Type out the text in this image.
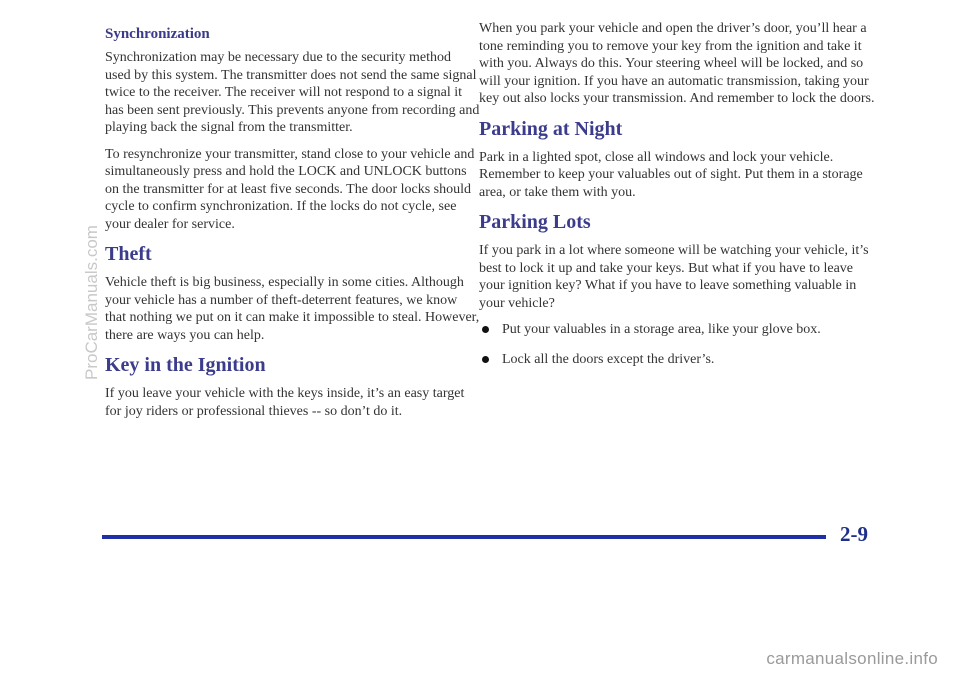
Synchronization

Synchronization may be necessary due to the security method used by this system. The transmitter does not send the same signal twice to the receiver. The receiver will not respond to a signal it has been sent previously. This prevents anyone from recording and playing back the signal from the transmitter.

To resynchronize your transmitter, stand close to your vehicle and simultaneously press and hold the LOCK and UNLOCK buttons on the transmitter for at least five seconds. The door locks should cycle to confirm synchronization. If the locks do not cycle, see your dealer for service.

Theft

Vehicle theft is big business, especially in some cities. Although your vehicle has a number of theft-deterrent features, we know that nothing we put on it can make it impossible to steal. However, there are ways you can help.

Key in the Ignition

If you leave your vehicle with the keys inside, it’s an easy target for joy riders or professional thieves -- so don’t do it.

When you park your vehicle and open the driver’s door, you’ll hear a tone reminding you to remove your key from the ignition and take it with you. Always do this. Your steering wheel will be locked, and so will your ignition. If you have an automatic transmission, taking your key out also locks your transmission. And remember to lock the doors.

Parking at Night

Park in a lighted spot, close all windows and lock your vehicle. Remember to keep your valuables out of sight. Put them in a storage area, or take them with you.

Parking Lots

If you park in a lot where someone will be watching your vehicle, it’s best to lock it up and take your keys. But what if you have to leave your ignition key? What if you have to leave something valuable in your vehicle?

Put your valuables in a storage area, like your glove box.
Lock all the doors except the driver’s.
2-9
ProCarManuals.com
carmanualsonline.info
